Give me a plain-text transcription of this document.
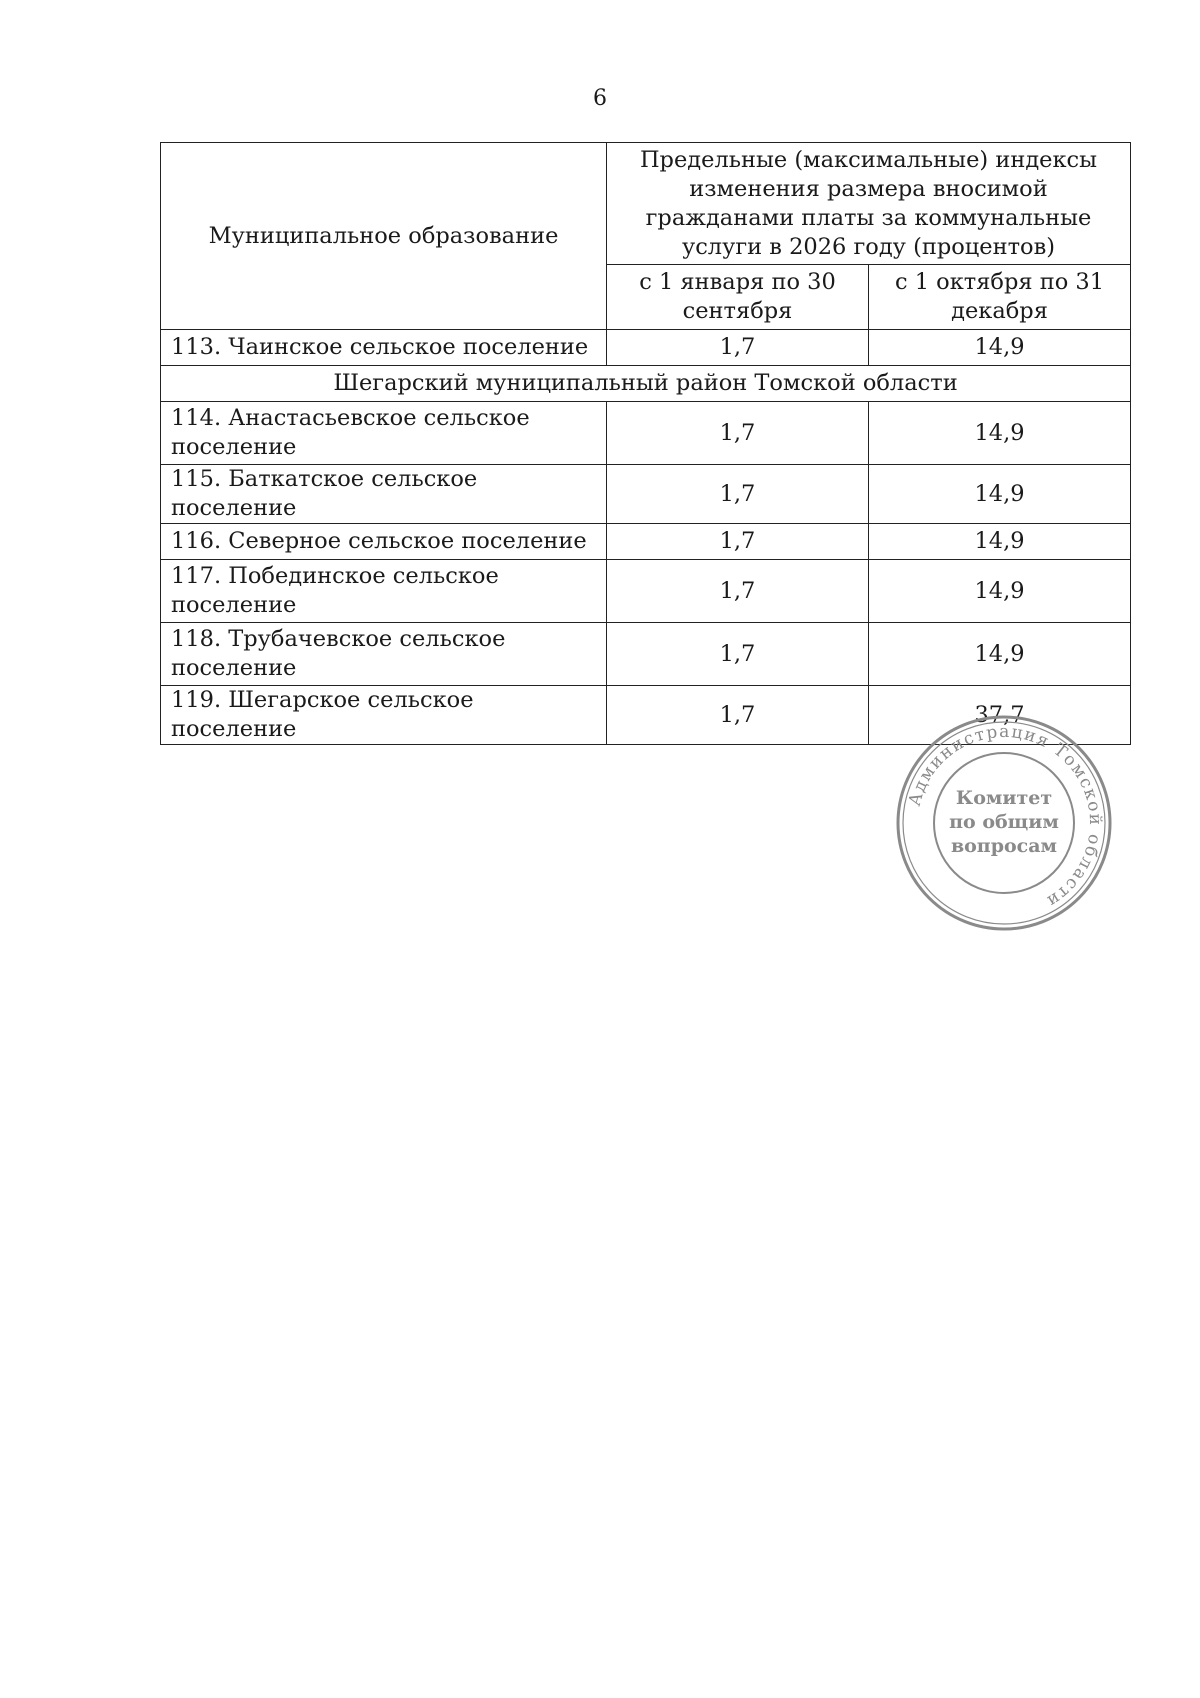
6
Муниципальное образование	Предельные (максимальные) индексы изменения размера вносимой гражданами платы за коммунальные услуги в 2026 году (процентов)	
	с 1 января по 30 сентября	с 1 октября по 31 декабря
113. Чаинское сельское поселение	1,7	14,9
Шегарский муниципальный район Томской области		
114. Анастасьевское сельское поселение	1,7	14,9
115. Баткатское сельское поселение	1,7	14,9
116. Северное сельское поселение	1,7	14,9
117. Побединское сельское поселение	1,7	14,9
118. Трубачевское сельское поселение	1,7	14,9
119. Шегарское сельское поселение	1,7	37,7
Администрация Томской области
Комитет
по общим
вопросам
